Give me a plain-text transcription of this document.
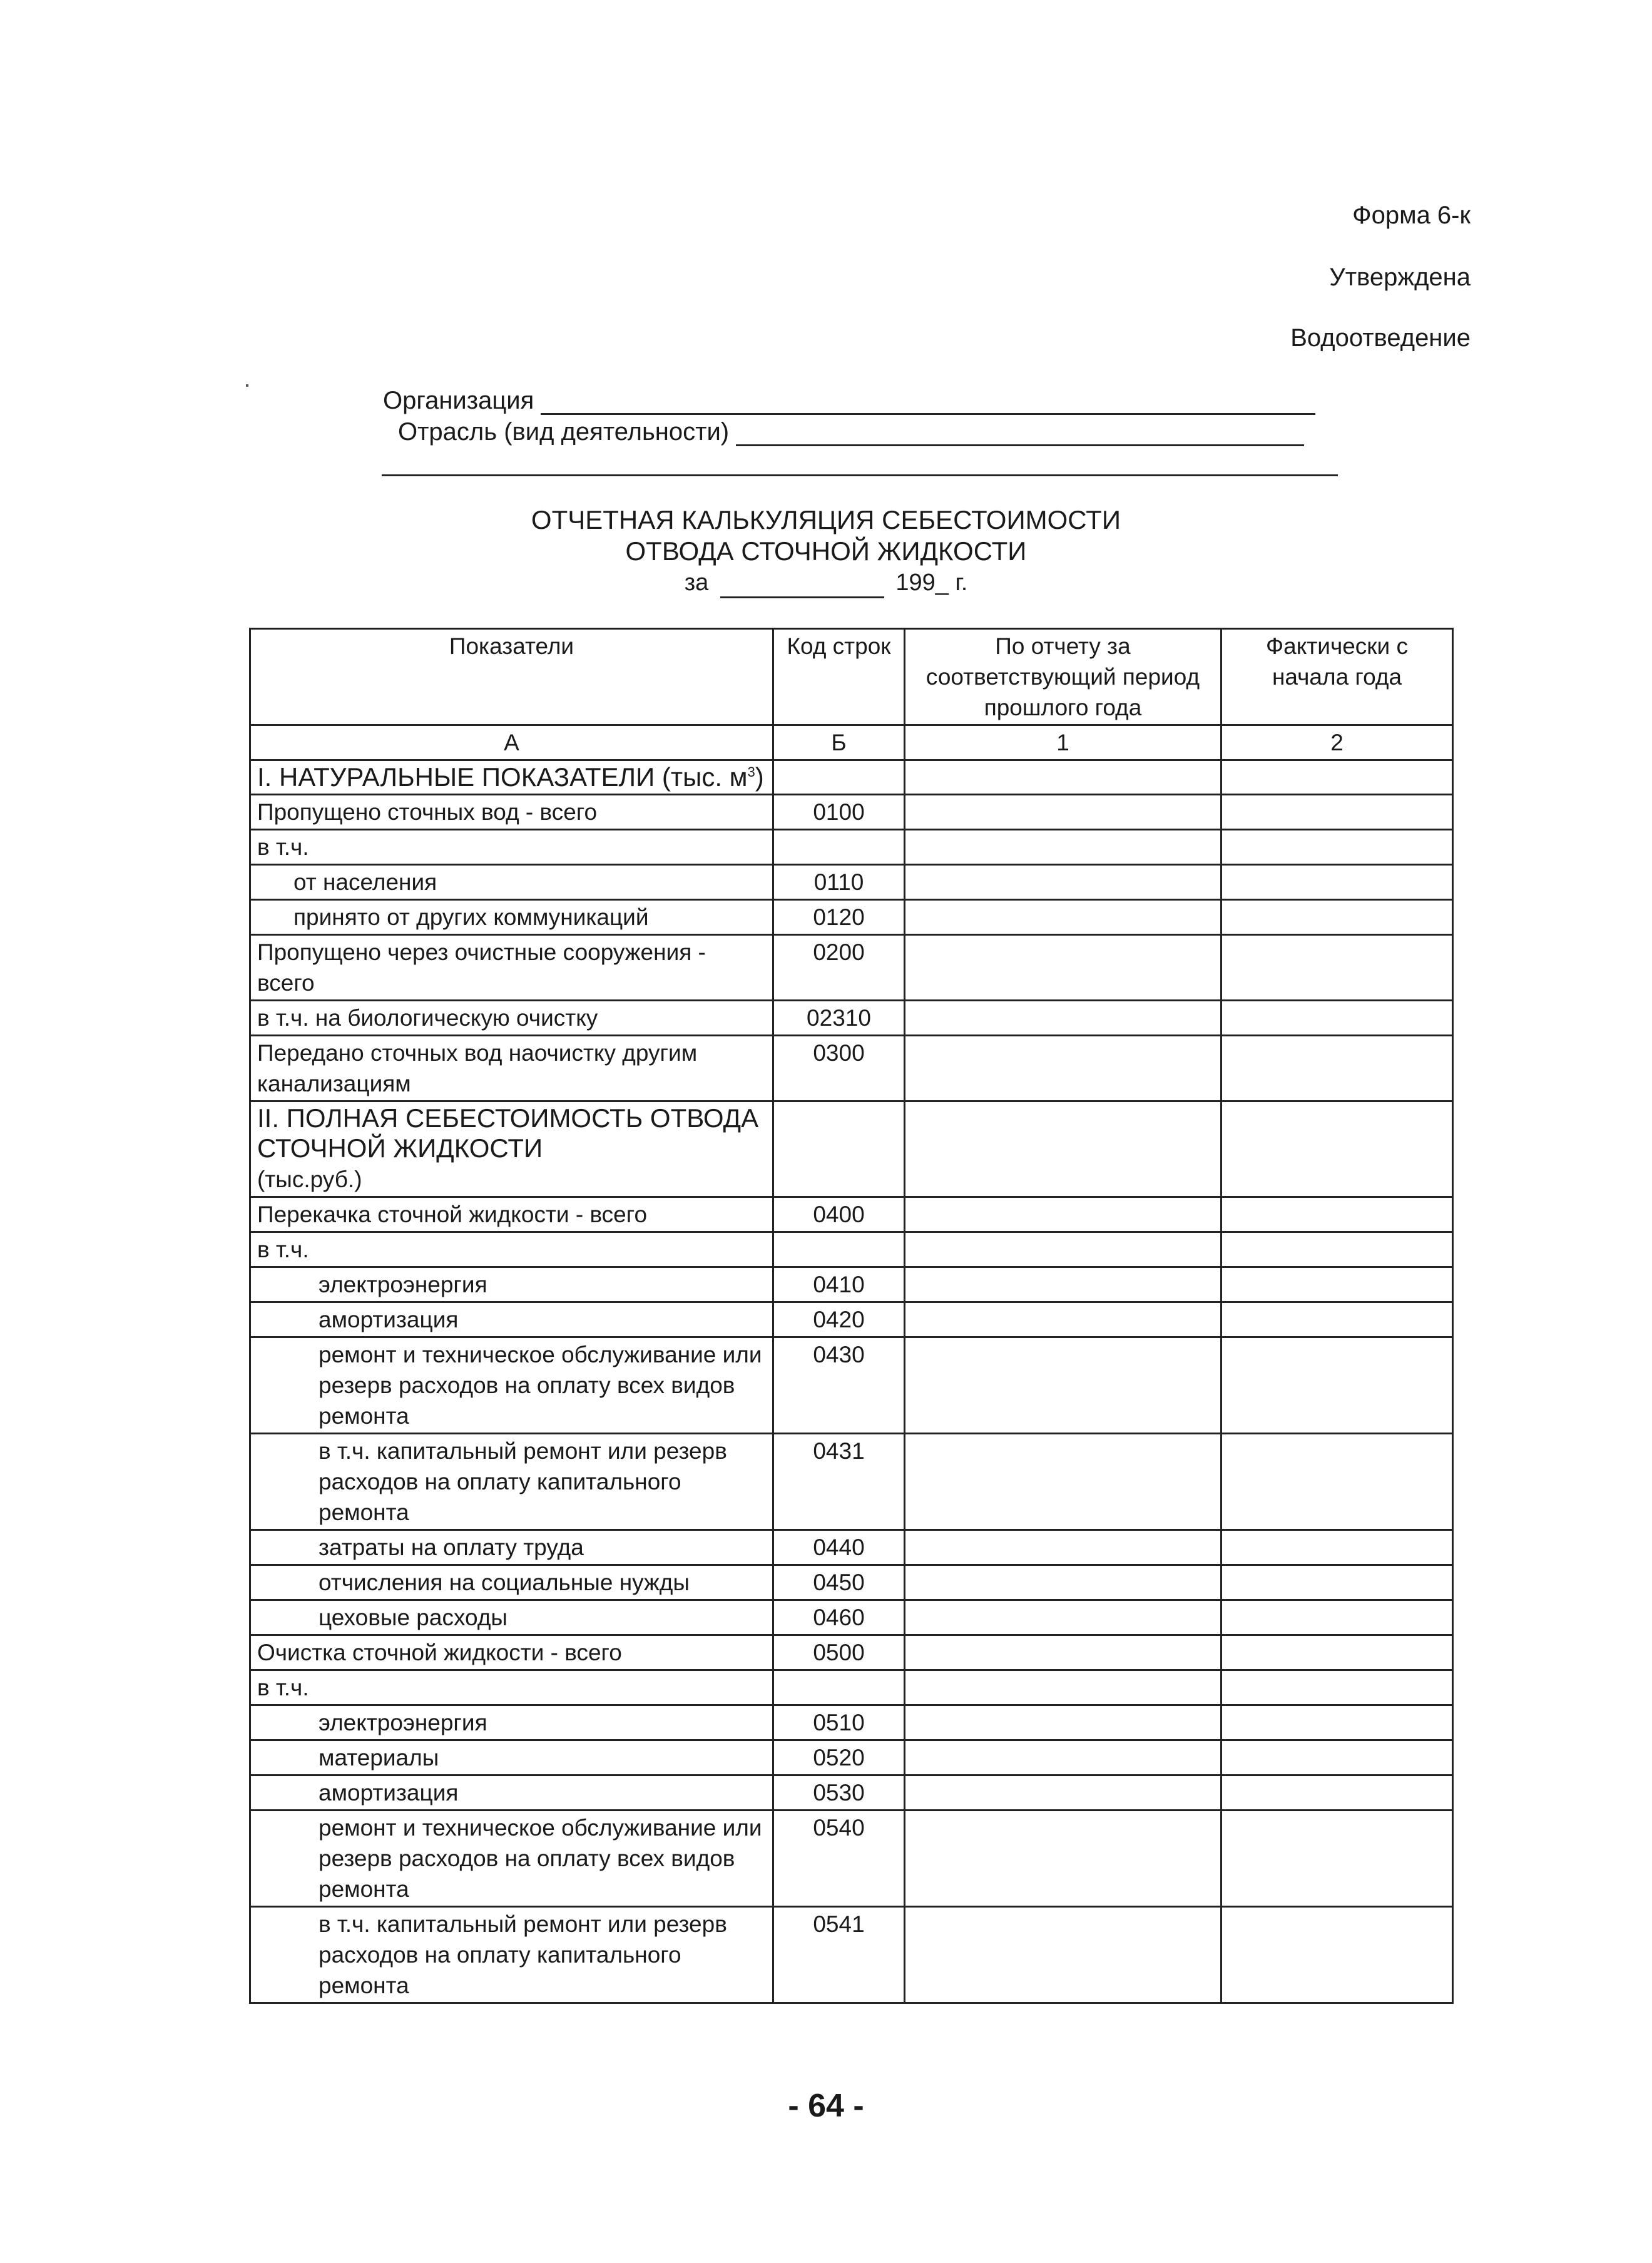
Форма 6-к
Утверждена
Водоотведение
Организация
Отрасль (вид деятельности)
ОТЧЕТНАЯ КАЛЬКУЛЯЦИЯ СЕБЕСТОИМОСТИ
ОТВОДА СТОЧНОЙ ЖИДКОСТИ
за	199_ г.
Показатели	Код строк	По отчету за соответствующий период прошлого года	Фактически с начала года
А	Б	1	2
I. НАТУРАЛЬНЫЕ ПОКАЗАТЕЛИ (тыс. $м^3$)			
Пропущено сточных вод - всего	0100		
в т.ч.			
от населения	0110		
принято от других коммуникаций	0120		
Пропущено через очистные сооружения - всего	0200		
в т.ч. на биологическую очистку	02310		
Передано сточных вод наочистку другим канализациям	0300		
II. ПОЛНАЯ СЕБЕСТОИМОСТЬ ОТВОДА СТОЧНОЙ ЖИДКОСТИ
(тыс.руб.)			
Перекачка сточной жидкости - всего	0400		
в т.ч.			
электроэнергия	0410		
амортизация	0420		
ремонт и техническое обслуживание или резерв расходов на оплату всех видов ремонта	0430		
в т.ч. капитальный ремонт или резерв расходов на оплату капитального ремонта	0431		
затраты на оплату труда	0440		
отчисления на социальные нужды	0450		
цеховые расходы	0460		
Очистка сточной жидкости - всего	0500		
в т.ч.			
электроэнергия	0510		
материалы	0520		
амортизация	0530		
ремонт и техническое обслуживание или резерв расходов на оплату всех видов ремонта	0540		
в т.ч. капитальный ремонт или резерв расходов на оплату капитального ремонта	0541		
- 64 -
